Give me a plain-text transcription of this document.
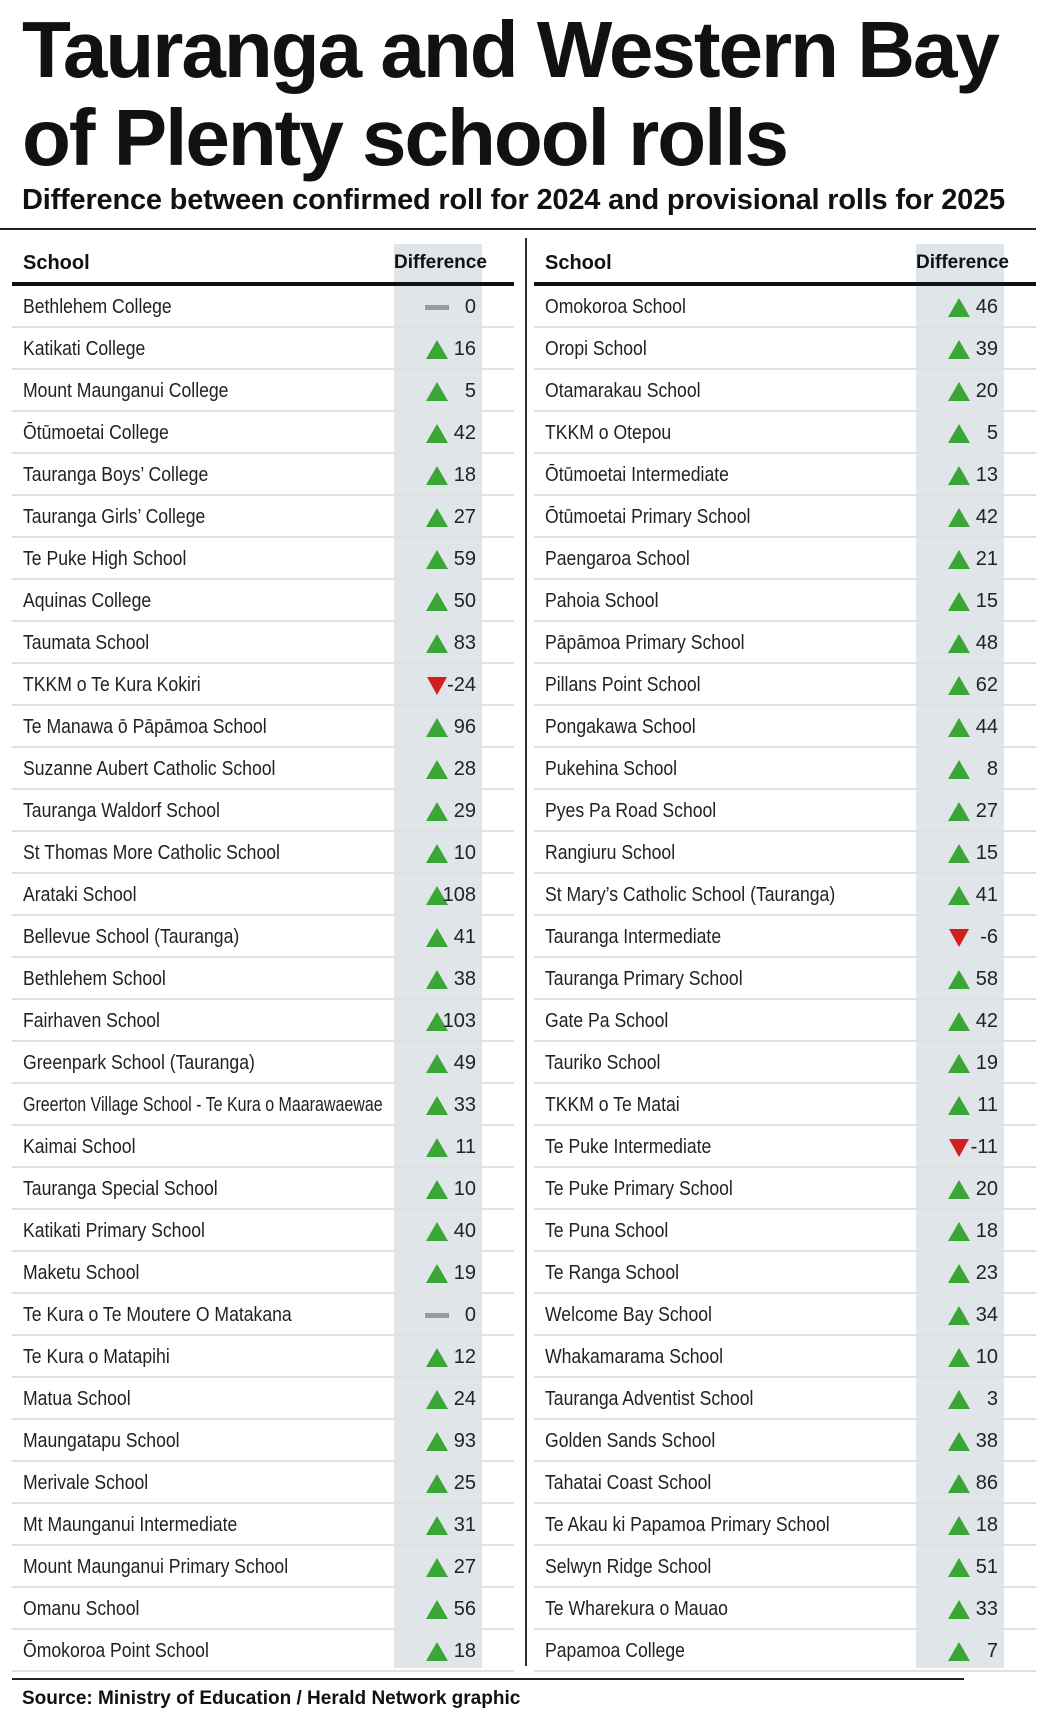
Tauranga and Western Bay of Plenty school rolls
Difference between confirmed roll for 2024 and provisional rolls for 2025
School	Difference
Bethlehem College	0
Katikati College	16
Mount Maunganui College	5
Ōtūmoetai College	42
Tauranga Boys’ College	18
Tauranga Girls’ College	27
Te Puke High School	59
Aquinas College	50
Taumata School	83
TKKM o Te Kura Kokiri	-24
Te Manawa ō Pāpāmoa School	96
Suzanne Aubert Catholic School	28
Tauranga Waldorf School	29
St Thomas More Catholic School	10
Arataki School	108
Bellevue School (Tauranga)	41
Bethlehem School	38
Fairhaven School	103
Greenpark School (Tauranga)	49
Greerton Village School - Te Kura o Maarawaewae	33
Kaimai School	11
Tauranga Special School	10
Katikati Primary School	40
Maketu School	19
Te Kura o Te Moutere O Matakana	0
Te Kura o Matapihi	12
Matua School	24
Maungatapu School	93
Merivale School	25
Mt Maunganui Intermediate	31
Mount Maunganui Primary School	27
Omanu School	56
Ōmokoroa Point School	18
School	Difference
Omokoroa School	46
Oropi School	39
Otamarakau School	20
TKKM o Otepou	5
Ōtūmoetai Intermediate	13
Ōtūmoetai Primary School	42
Paengaroa School	21
Pahoia School	15
Pāpāmoa Primary School	48
Pillans Point School	62
Pongakawa School	44
Pukehina School	8
Pyes Pa Road School	27
Rangiuru School	15
St Mary’s Catholic School (Tauranga)	41
Tauranga Intermediate	-6
Tauranga Primary School	58
Gate Pa School	42
Tauriko School	19
TKKM o Te Matai	11
Te Puke Intermediate	-11
Te Puke Primary School	20
Te Puna School	18
Te Ranga School	23
Welcome Bay School	34
Whakamarama School	10
Tauranga Adventist School	3
Golden Sands School	38
Tahatai Coast School	86
Te Akau ki Papamoa Primary School	18
Selwyn Ridge School	51
Te Wharekura o Mauao	33
Papamoa College	7

Source: Ministry of Education / Herald Network graphic
